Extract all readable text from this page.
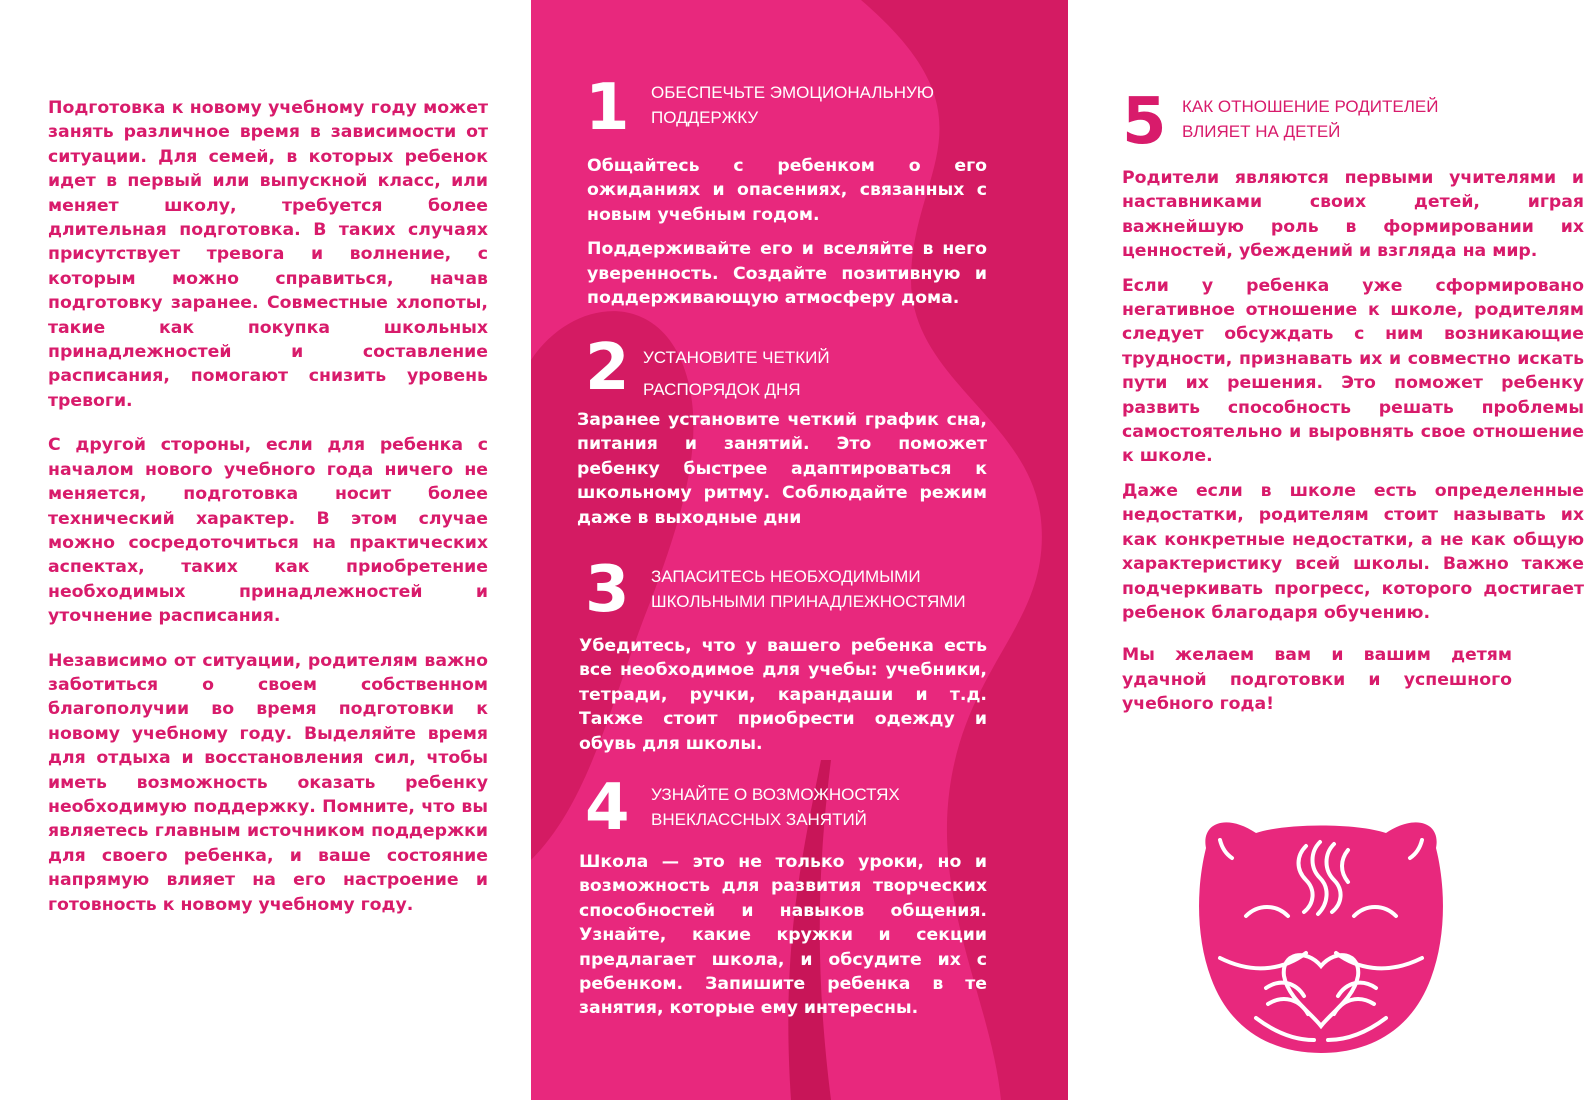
Подготовка к новому учебному году может занять различное время в зависимости от ситуации. Для семей, в которых ребенок идет в первый или выпускной класс, или меняет школу, требуется более длительная подготовка. В таких случаях присутствует тревога и волнение, с которым можно справиться, начав подготовку заранее. Совместные хлопоты, такие как покупка школьных принадлежностей и составление расписания, помогают снизить уровень тревоги.

С другой стороны, если для ребенка с началом нового учебного года ничего не меняется, подготовка носит более технический характер. В этом случае можно сосредоточиться на практических аспектах, таких как приобретение необходимых принадлежностей и уточнение расписания.

Независимо от ситуации, родителям важно заботиться о своем собственном благополучии во время подготовки к новому учебному году. Выделяйте время для отдыха и восстановления сил, чтобы иметь возможность оказать ребенку необходимую поддержку. Помните, что вы являетесь главным источником поддержки для своего ребенка, и ваше состояние напрямую влияет на его настроение и готовность к новому учебному году.

1 ОБЕСПЕЧЬТЕ ЭМОЦИОНАЛЬНУЮ
ПОДДЕРЖКУ

Общайтесь с ребенком о его ожиданиях и опасениях, связанных с новым учебным годом.

Поддерживайте его и вселяйте в него уверенность. Создайте позитивную и поддерживающую атмосферу дома.

2 УСТАНОВИТЕ ЧЕТКИЙ
РАСПОРЯДОК ДНЯ

Заранее установите четкий график сна, питания и занятий. Это поможет ребенку быстрее адаптироваться к школьному ритму. Соблюдайте режим даже в выходные дни

3 ЗАПАСИТЕСЬ НЕОБХОДИМЫМИ
ШКОЛЬНЫМИ ПРИНАДЛЕЖНОСТЯМИ

Убедитесь, что у вашего ребенка есть все необходимое для учебы: учебники, тетради, ручки, карандаши и т.д. Также стоит приобрести одежду и обувь для школы.

4 УЗНАЙТЕ О ВОЗМОЖНОСТЯХ
ВНЕКЛАССНЫХ ЗАНЯТИЙ

Школа — это не только уроки, но и возможность для развития творческих способностей и навыков общения. Узнайте, какие кружки и секции предлагает школа, и обсудите их с ребенком. Запишите ребенка в те занятия, которые ему интересны.

5 КАК ОТНОШЕНИЕ РОДИТЕЛЕЙ
ВЛИЯЕТ НА ДЕТЕЙ

Родители являются первыми учителями и наставниками своих детей, играя важнейшую роль в формировании их ценностей, убеждений и взгляда на мир.

Если у ребенка уже сформировано негативное отношение к школе, родителям следует обсуждать с ним возникающие трудности, признавать их и совместно искать пути их решения. Это поможет ребенку развить способность решать проблемы самостоятельно и выровнять свое отношение к школе.

Даже если в школе есть определенные недостатки, родителям стоит называть их как конкретные недостатки, а не как общую характеристику всей школы. Важно также подчеркивать прогресс, которого достигает ребенок благодаря обучению.

Мы желаем вам и вашим детям удачной подготовки и успешного учебного года!
